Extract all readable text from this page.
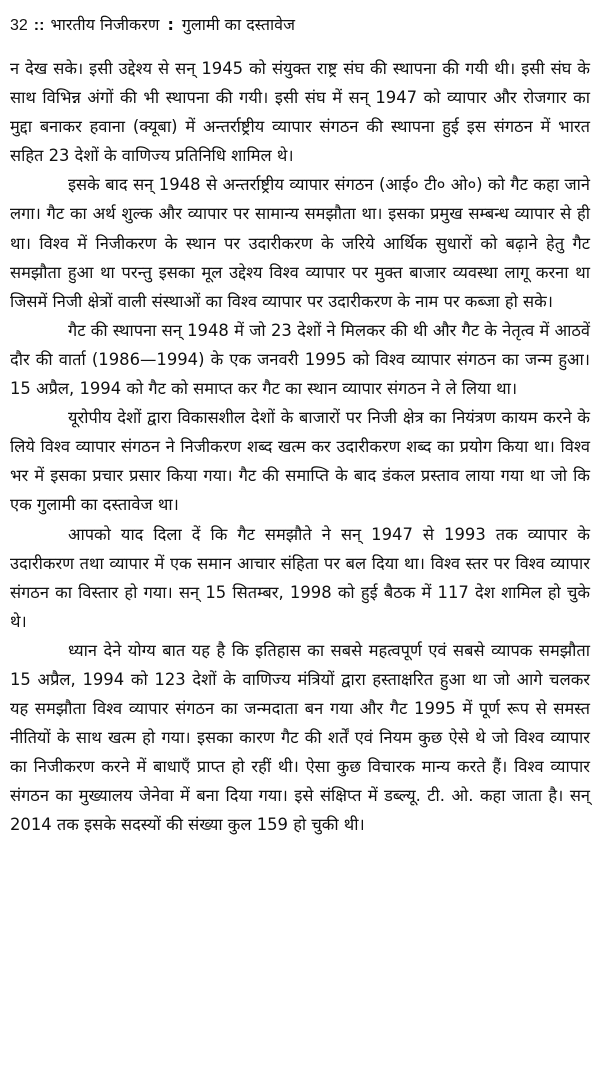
32 :: भारतीय निजीकरण : गुलामी का दस्तावेज

न देख सके। इसी उद्देश्य से सन् 1945 को संयुक्त राष्ट्र संघ की स्थापना की गयी थी। इसी संघ के साथ विभिन्न अंगों की भी स्थापना की गयी। इसी संघ में सन् 1947 को व्यापार और रोजगार का मुद्दा बनाकर हवाना (क्यूबा) में अन्तर्राष्ट्रीय व्यापार संगठन की स्थापना हुई इस संगठन में भारत सहित 23 देशों के वाणिज्य प्रतिनिधि शामिल थे।

इसके बाद सन् 1948 से अन्तर्राष्ट्रीय व्यापार संगठन (आई० टी० ओ०) को गैट कहा जाने लगा। गैट का अर्थ शुल्क और व्यापार पर सामान्य समझौता था। इसका प्रमुख सम्बन्ध व्यापार से ही था। विश्व में निजीकरण के स्थान पर उदारीकरण के जरिये आर्थिक सुधारों को बढ़ाने हेतु गैट समझौता हुआ था परन्तु इसका मूल उद्देश्य विश्व व्यापार पर मुक्त बाजार व्यवस्था लागू करना था जिसमें निजी क्षेत्रों वाली संस्थाओं का विश्व व्यापार पर उदारीकरण के नाम पर कब्जा हो सके।

गैट की स्थापना सन् 1948 में जो 23 देशों ने मिलकर की थी और गैट के नेतृत्व में आठवें दौर की वार्ता (1986—1994) के एक जनवरी 1995 को विश्व व्यापार संगठन का जन्म हुआ। 15 अप्रैल, 1994 को गैट को समाप्त कर गैट का स्थान व्यापार संगठन ने ले लिया था।

यूरोपीय देशों द्वारा विकासशील देशों के बाजारों पर निजी क्षेत्र का नियंत्रण कायम करने के लिये विश्व व्यापार संगठन ने निजीकरण शब्द खत्म कर उदारीकरण शब्द का प्रयोग किया था। विश्व भर में इसका प्रचार प्रसार किया गया। गैट की समाप्ति के बाद डंकल प्रस्ताव लाया गया था जो कि एक गुलामी का दस्तावेज था।

आपको याद दिला दें कि गैट समझौते ने सन् 1947 से 1993 तक व्यापार के उदारीकरण तथा व्यापार में एक समान आचार संहिता पर बल दिया था। विश्व स्तर पर विश्व व्यापार संगठन का विस्तार हो गया। सन् 15 सितम्बर, 1998 को हुई बैठक में 117 देश शामिल हो चुके थे।

ध्यान देने योग्य बात यह है कि इतिहास का सबसे महत्वपूर्ण एवं सबसे व्यापक समझौता 15 अप्रैल, 1994 को 123 देशों के वाणिज्य मंत्रियों द्वारा हस्ताक्षरित हुआ था जो आगे चलकर यह समझौता विश्व व्यापार संगठन का जन्मदाता बन गया और गैट 1995 में पूर्ण रूप से समस्त नीतियों के साथ खत्म हो गया। इसका कारण गैट की शर्तें एवं नियम कुछ ऐसे थे जो विश्व व्यापार का निजीकरण करने में बाधाएँ प्राप्त हो रहीं थी। ऐसा कुछ विचारक मान्य करते हैं। विश्व व्यापार संगठन का मुख्यालय जेनेवा में बना दिया गया। इसे संक्षिप्त में डब्ल्यू. टी. ओ. कहा जाता है। सन् 2014 तक इसके सदस्यों की संख्या कुल 159 हो चुकी थी।
